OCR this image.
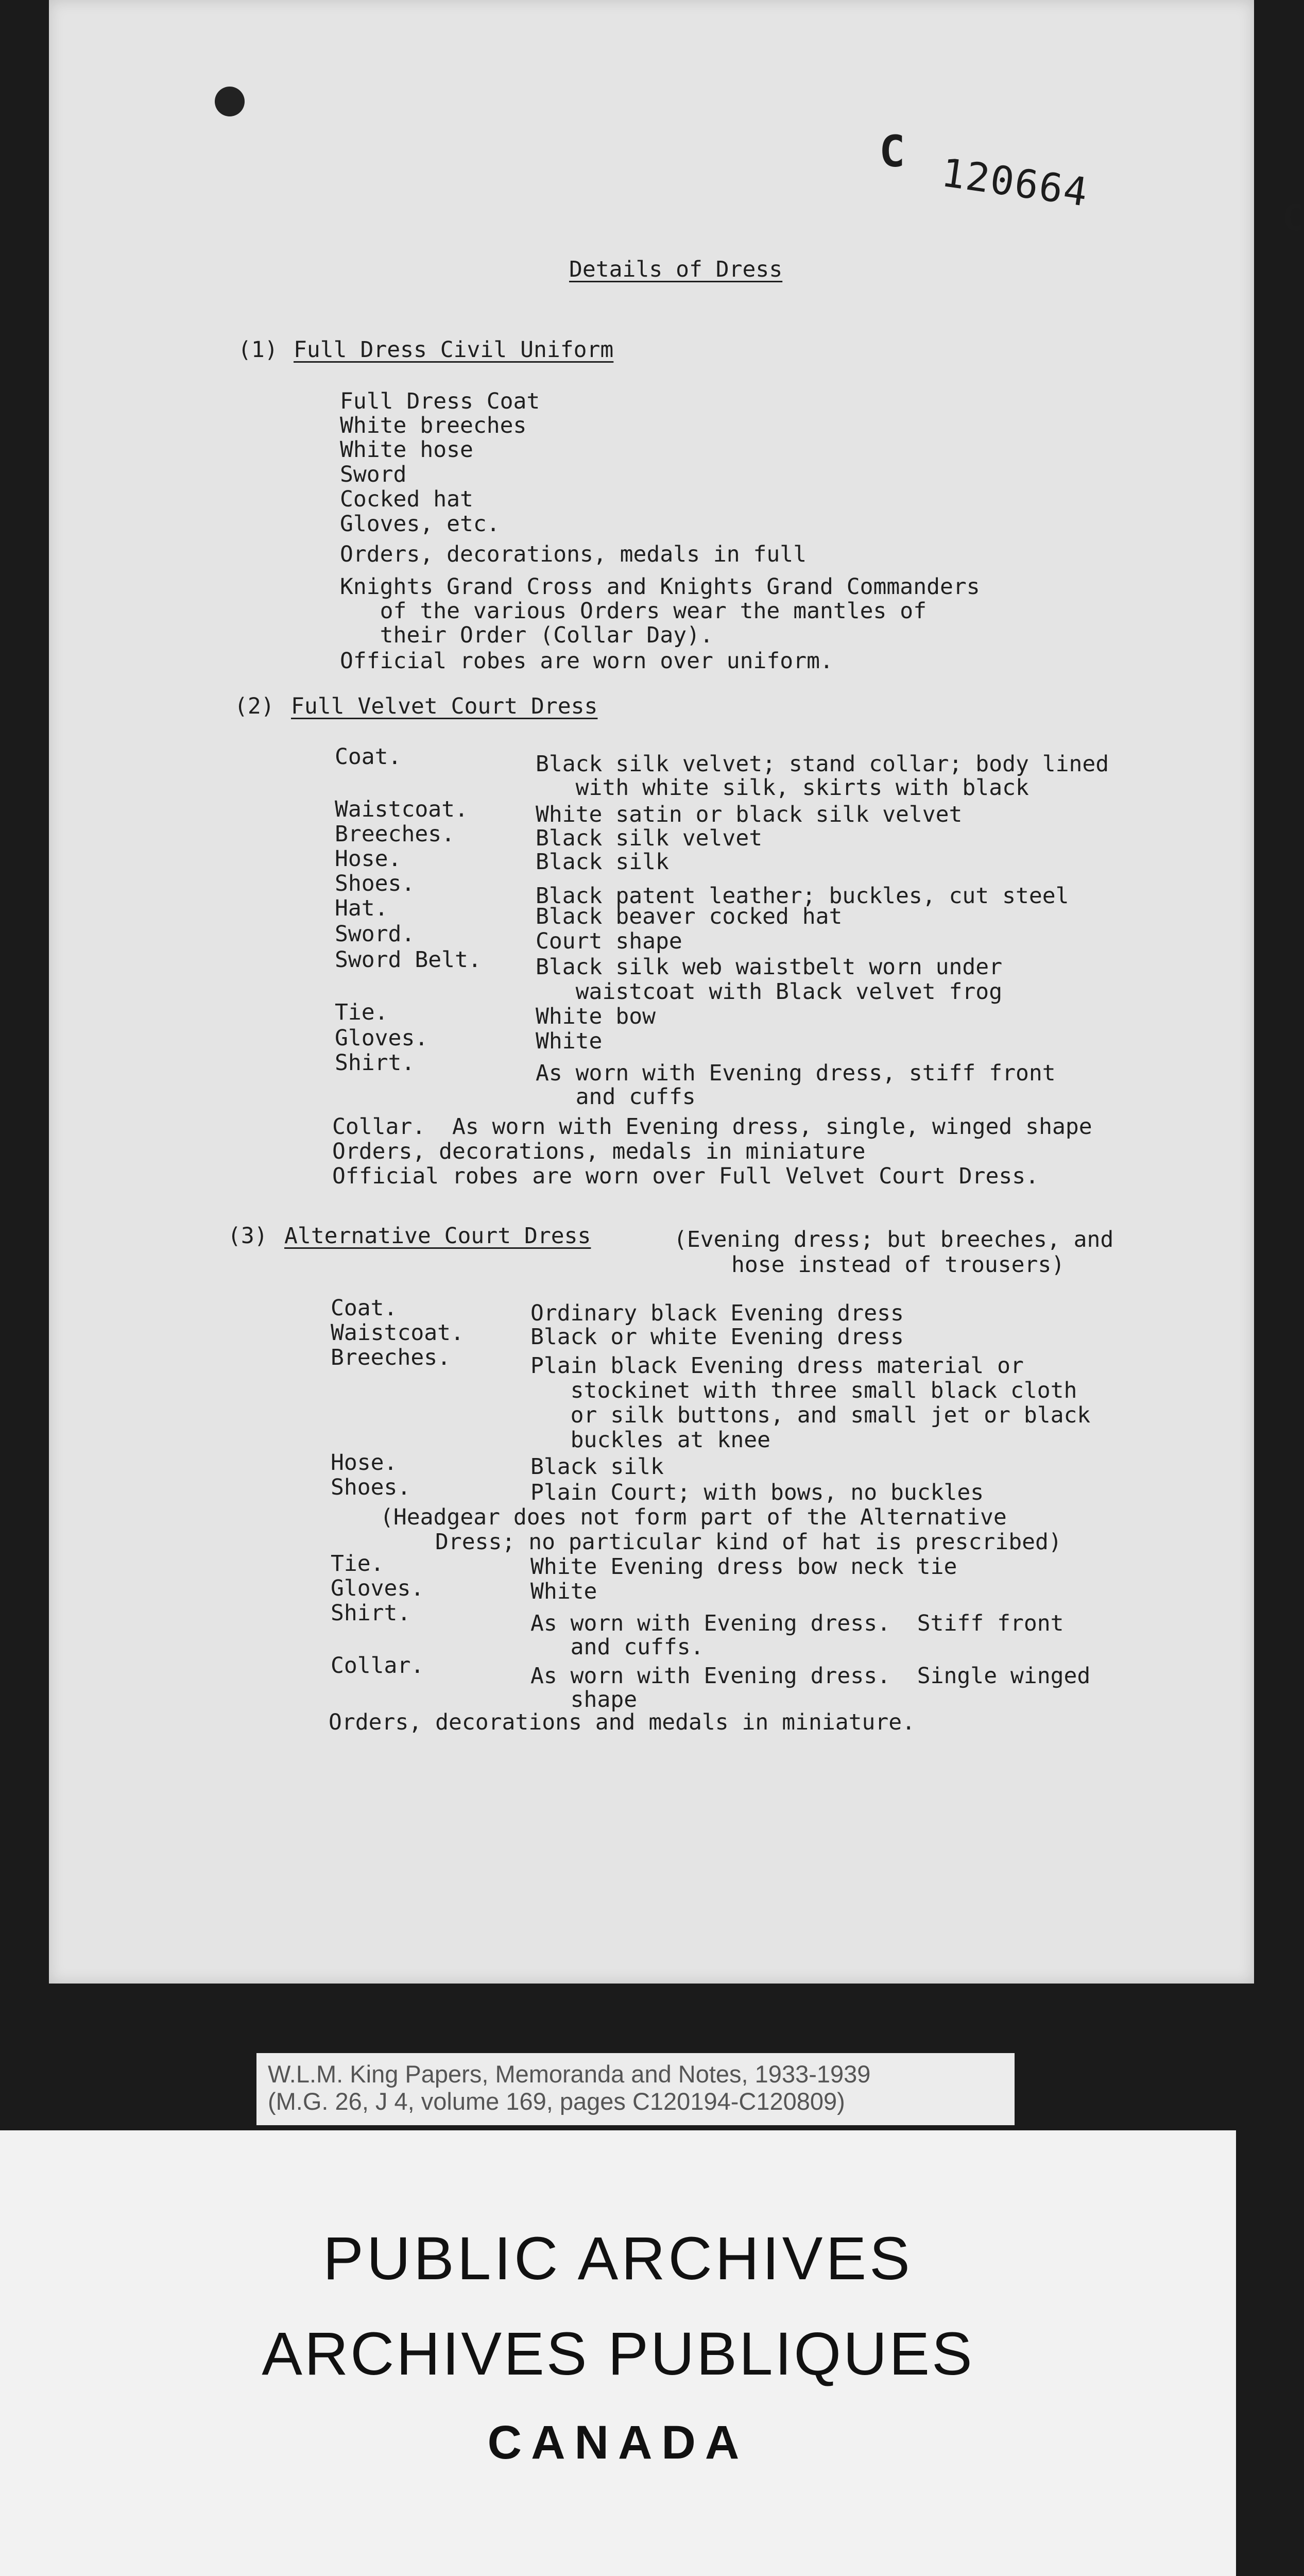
C
C
120664
Details of Dress
(1) Full Dress Civil Uniform
Full Dress Coat
White breeches
White hose
Sword
Cocked hat
Gloves, etc.
Orders, decorations, medals in full
Knights Grand Cross and Knights Grand Commanders
of the various Orders wear the mantles of
their Order (Collar Day).
Official robes are worn over uniform.
(2) Full Velvet Court Dress
Coat.	Black silk velvet; stand collar; body lined
with white silk, skirts with black
Waistcoat.	White satin or black silk velvet
Breeches.	Black silk velvet
Hose.	Black silk
Shoes.	Black patent leather; buckles, cut steel
Hat.	Black beaver cocked hat
Sword.	Court shape
Sword Belt. Black silk web waistbelt worn under
waistcoat with Black velvet frog
Tie.	White bow
Gloves.	White
Shirt.	As worn with Evening dress, stiff front
and cuffs
Collar.  As worn with Evening dress, single, winged shape
Orders, decorations, medals in miniature
Official robes are worn over Full Velvet Court Dress.
(3) Alternative Court Dress	(Evening dress; but breeches, and
hose instead of trousers)
Coat.	Ordinary black Evening dress
Waistcoat.	Black or white Evening dress
Breeches.	Plain black Evening dress material or
stockinet with three small black cloth
or silk buttons, and small jet or black
buckles at knee
Hose.	Black silk
Shoes.	Plain Court; with bows, no buckles
(Headgear does not form part of the Alternative
Dress; no particular kind of hat is prescribed)
Tie.	White Evening dress bow neck tie
Gloves.	White
Shirt.	As worn with Evening dress.  Stiff front
and cuffs.
Collar.	As worn with Evening dress.  Single winged
shape
Orders, decorations and medals in miniature.
W.L.M. King Papers, Memoranda and Notes, 1933-1939
(M.G. 26, J 4, volume 169, pages C120194-C120809)
PUBLIC ARCHIVES
ARCHIVES PUBLIQUES
CANADA
